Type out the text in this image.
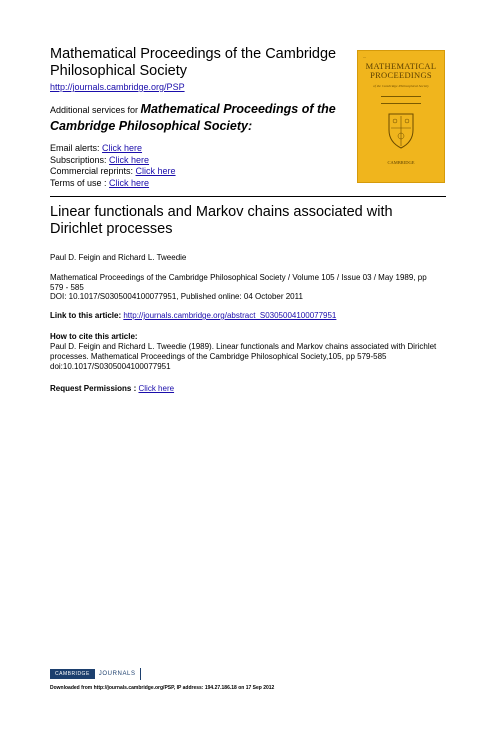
Mathematical Proceedings of the Cambridge Philosophical Society
http://journals.cambridge.org/PSP
Additional services for Mathematical Proceedings of the Cambridge Philosophical Society:
Email alerts: Click here
Subscriptions: Click here
Commercial reprints: Click here
Terms of use : Click here
—
MATHEMATICAL
PROCEEDINGS
of the Cambridge Philosophical Society
CAMBRIDGE
Linear functionals and Markov chains associated with Dirichlet processes
Paul D. Feigin and Richard L. Tweedie
Mathematical Proceedings of the Cambridge Philosophical Society / Volume 105 / Issue 03 / May 1989, pp 579 - 585
DOI: 10.1017/S0305004100077951, Published online: 04 October 2011
Link to this article: http://journals.cambridge.org/abstract_S0305004100077951
How to cite this article:
Paul D. Feigin and Richard L. Tweedie (1989). Linear functionals and Markov chains associated with Dirichlet processes. Mathematical Proceedings of the Cambridge Philosophical Society,105, pp 579-585 doi:10.1017/S0305004100077951
Request Permissions : Click here
CAMBRIDGE	JOURNALS
Downloaded from http://journals.cambridge.org/PSP, IP address: 194.27.186.18 on 17 Sep 2012
